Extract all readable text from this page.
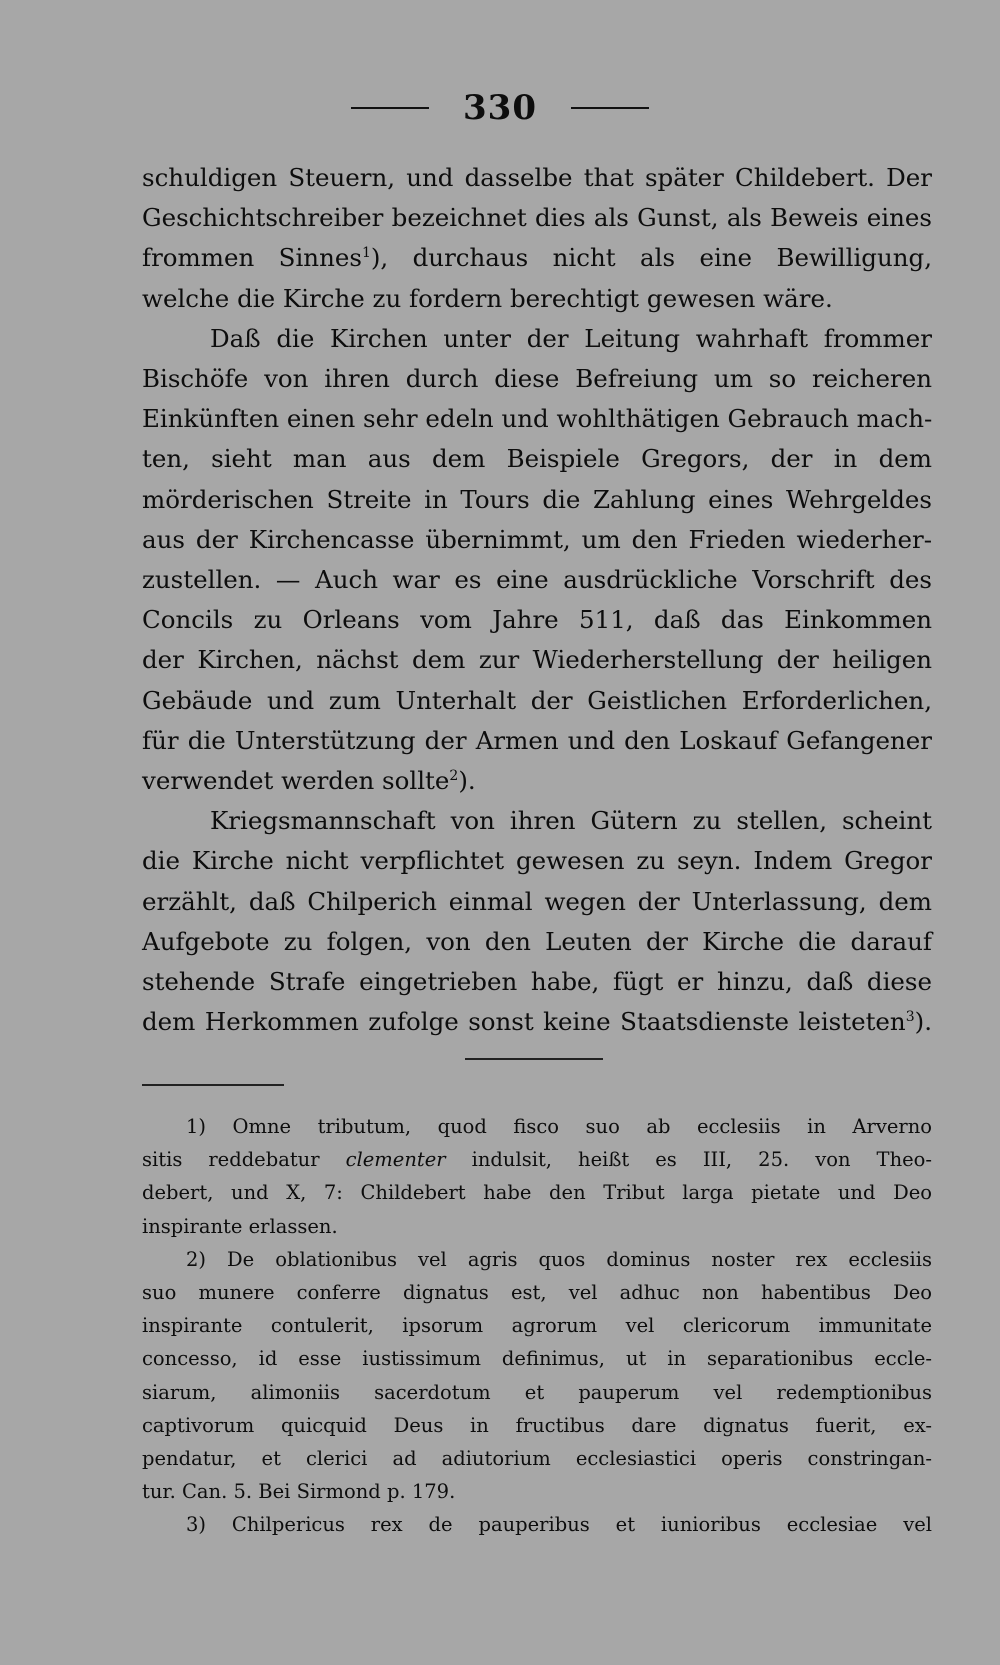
330
schuldigen Steuern, und dasselbe that später Childebert. Der
Geschichtschreiber bezeichnet dies als Gunst, als Beweis eines
frommen Sinnes$^1$), durchaus nicht als eine Bewilligung,
welche die Kirche zu fordern berechtigt gewesen wäre.
Daß die Kirchen unter der Leitung wahrhaft frommer
Bischöfe von ihren durch diese Befreiung um so reicheren
Einkünften einen sehr edeln und wohlthätigen Gebrauch mach-
ten, sieht man aus dem Beispiele Gregors, der in dem
mörderischen Streite in Tours die Zahlung eines Wehrgeldes
aus der Kirchencasse übernimmt, um den Frieden wiederher-
zustellen. — Auch war es eine ausdrückliche Vorschrift des
Concils zu Orleans vom Jahre 511, daß das Einkommen
der Kirchen, nächst dem zur Wiederherstellung der heiligen
Gebäude und zum Unterhalt der Geistlichen Erforderlichen,
für die Unterstützung der Armen und den Loskauf Gefangener
verwendet werden sollte$^2$).
Kriegsmannschaft von ihren Gütern zu stellen, scheint
die Kirche nicht verpflichtet gewesen zu seyn. Indem Gregor
erzählt, daß Chilperich einmal wegen der Unterlassung, dem
Aufgebote zu folgen, von den Leuten der Kirche die darauf
stehende Strafe eingetrieben habe, fügt er hinzu, daß diese
dem Herkommen zufolge sonst keine Staatsdienste leisteten$^3$).
1) Omne tributum, quod fisco suo ab ecclesiis in Arverno
sitis reddebatur clementer indulsit, heißt es III, 25. von Theo-
debert, und X, 7: Childebert habe den Tribut larga pietate und Deo
inspirante erlassen.
2) De oblationibus vel agris quos dominus noster rex ecclesiis
suo munere conferre dignatus est, vel adhuc non habentibus Deo
inspirante contulerit, ipsorum agrorum vel clericorum immunitate
concesso, id esse iustissimum definimus, ut in separationibus eccle-
siarum, alimoniis sacerdotum et pauperum vel redemptionibus
captivorum quicquid Deus in fructibus dare dignatus fuerit, ex-
pendatur, et clerici ad adiutorium ecclesiastici operis constringan-
tur. Can. 5. Bei Sirmond p. 179.
3) Chilpericus rex de pauperibus et iunioribus ecclesiae vel
